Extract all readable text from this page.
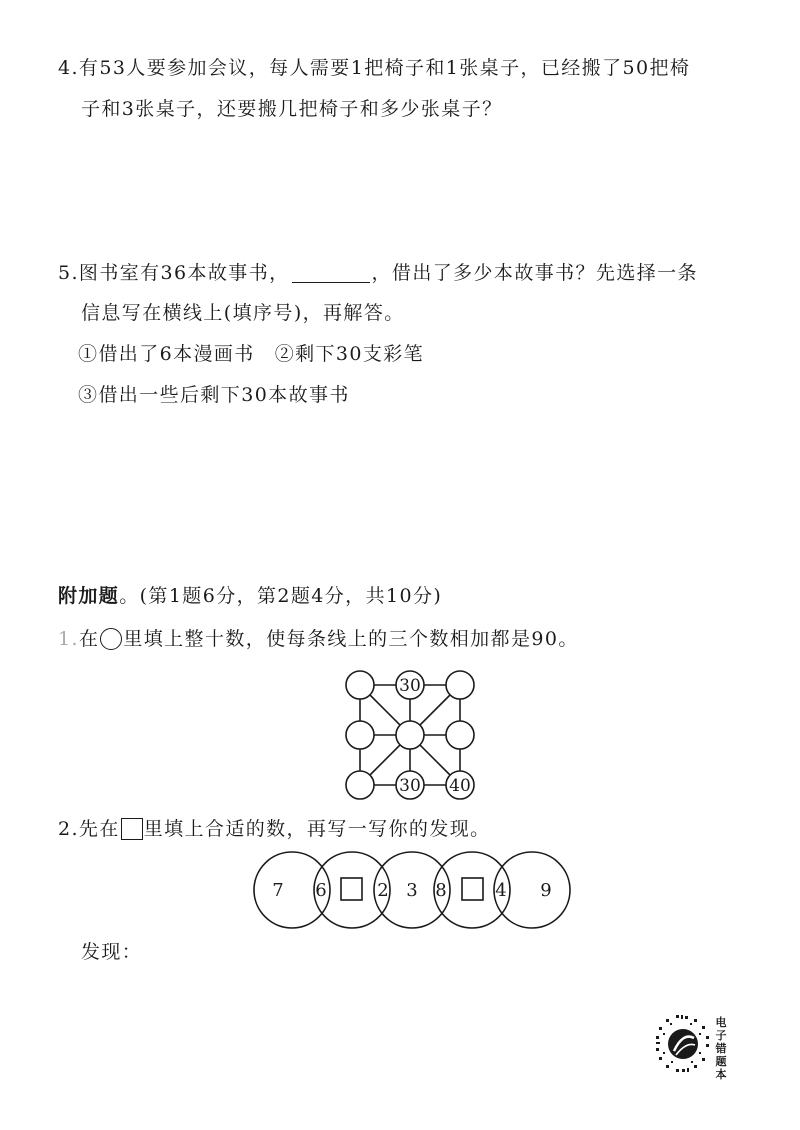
4.有53人要参加会议，每人需要1把椅子和1张桌子，已经搬了50把椅
子和3张桌子，还要搬几把椅子和多少张桌子？
5.图书室有36本故事书，	，借出了多少本故事书？先选择一条
信息写在横线上(填序号)，再解答。
①借出了6本漫画书 ②剩下30支彩笔
③借出一些后剩下30本故事书
附加题。(第1题6分，第2题4分，共10分)
1.在 里填上整十数，使每条线上的三个数相加都是90。
30
30 40
2.先在 里填上合适的数，再写一写你的发现。
7 6	2 3 8	4 9
发现：
电子错题本
